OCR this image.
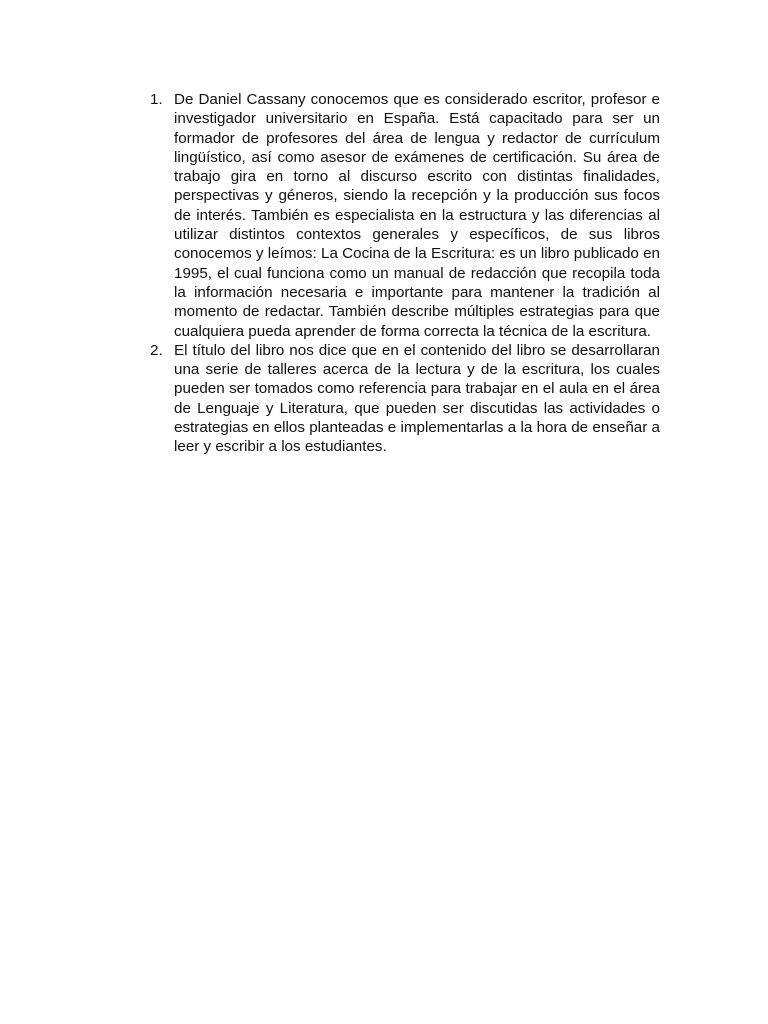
1. De Daniel Cassany conocemos que es considerado escritor, profesor e investigador universitario en España. Está capacitado para ser un formador de profesores del área de lengua y redactor de currículum lingüístico, así como asesor de exámenes de certificación. Su área de trabajo gira en torno al discurso escrito con distintas finalidades, perspectivas y géneros, siendo la recepción y la producción sus focos de interés. También es especialista en la estructura y las diferencias al utilizar distintos contextos generales y específicos, de sus libros conocemos y leímos: La Cocina de la Escritura: es un libro publicado en 1995, el cual funciona como un manual de redacción que recopila toda la información necesaria e importante para mantener la tradición al momento de redactar. También describe múltiples estrategias para que cualquiera pueda aprender de forma correcta la técnica de la escritura.
2. El título del libro nos dice que en el contenido del libro se desarrollaran una serie de talleres acerca de la lectura y de la escritura, los cuales pueden ser tomados como referencia para trabajar en el aula en el área de Lenguaje y Literatura, que pueden ser discutidas las actividades o estrategias en ellos planteadas e implementarlas a la hora de enseñar a leer y escribir a los estudiantes.
